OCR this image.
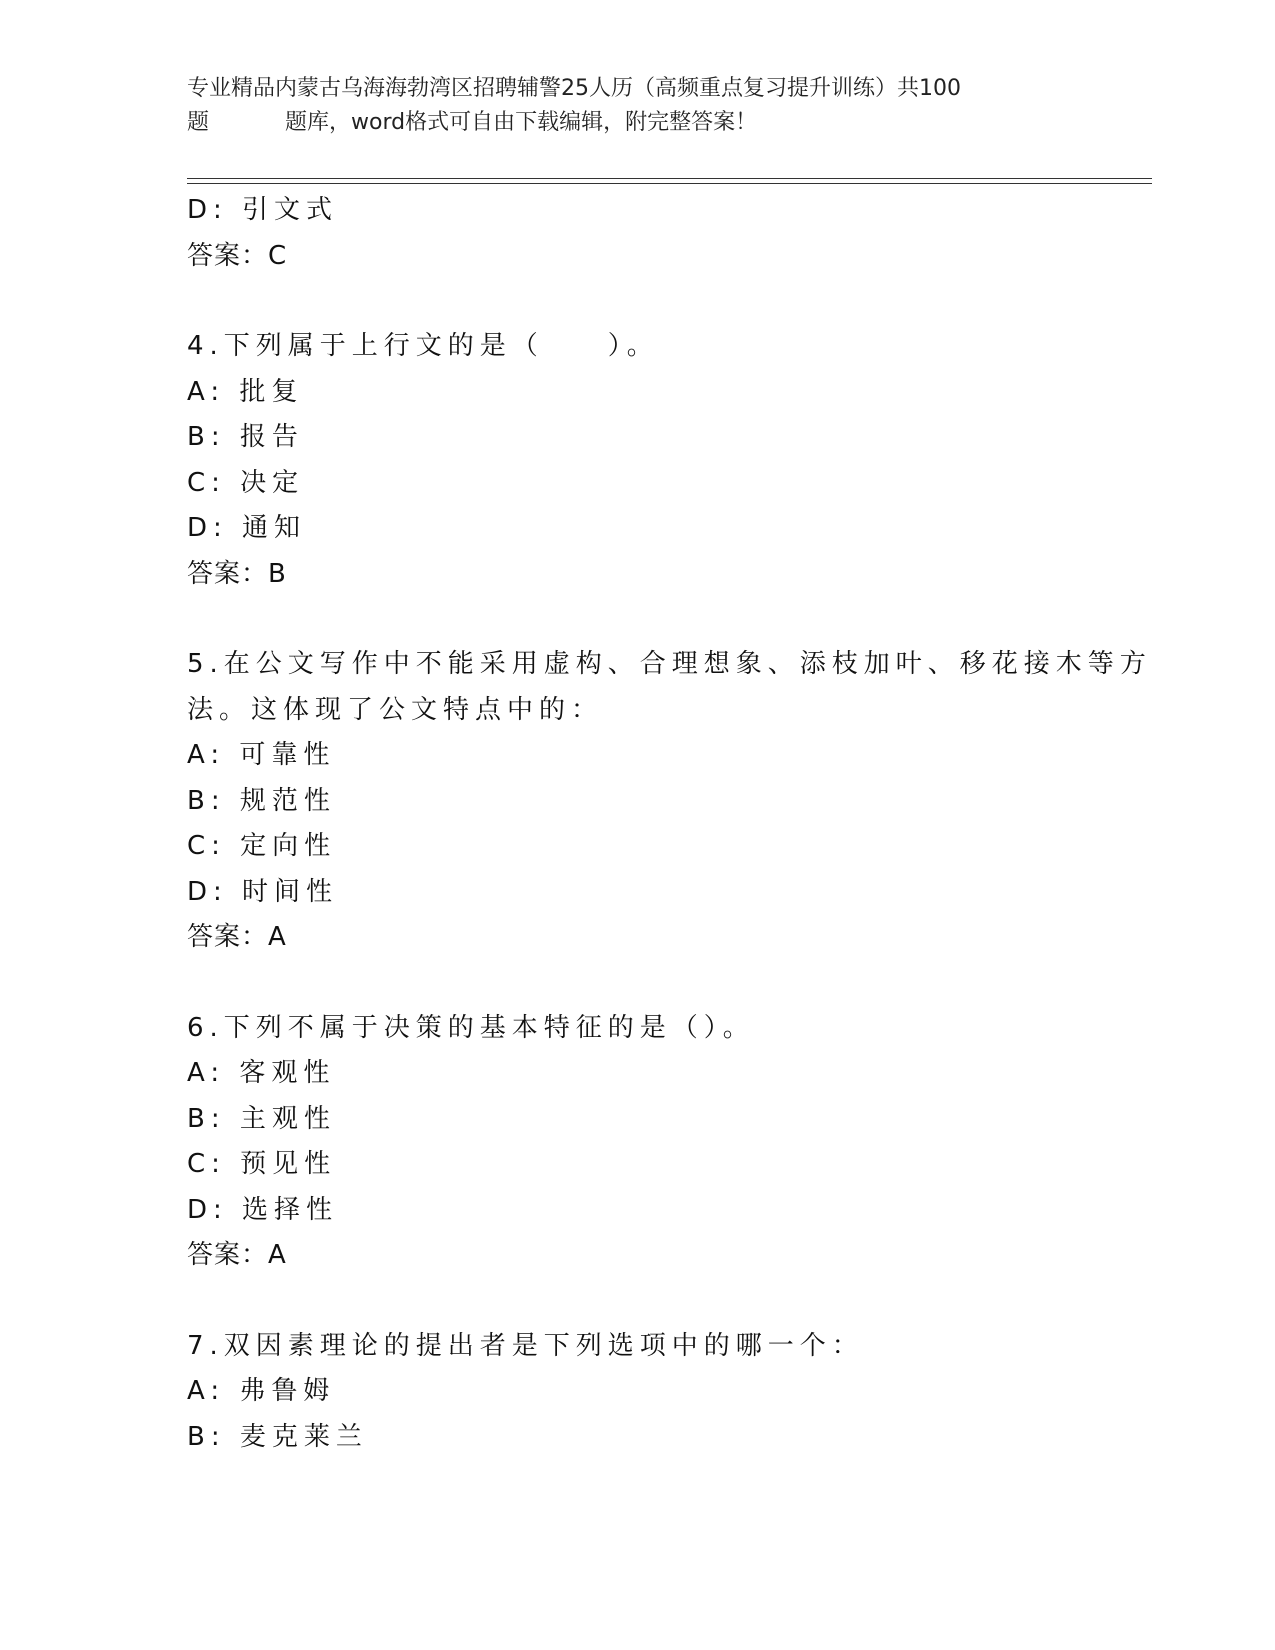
专业精品内蒙古乌海海勃湾区招聘辅警25人历（高频重点复习提升训练）共100
题	题库，word格式可自由下载编辑，附完整答案！
D: 引文式
答案：C
4.下列属于上行文的是（　　）。
A: 批复
B: 报告
C: 决定
D: 通知
答案：B
5.在公文写作中不能采用虚构、合理想象、添枝加叶、移花接木等方
法。这体现了公文特点中的：
A: 可靠性
B: 规范性
C: 定向性
D: 时间性
答案：A
6.下列不属于决策的基本特征的是（）。
A: 客观性
B: 主观性
C: 预见性
D: 选择性
答案：A
7.双因素理论的提出者是下列选项中的哪一个：
A: 弗鲁姆
B: 麦克莱兰
